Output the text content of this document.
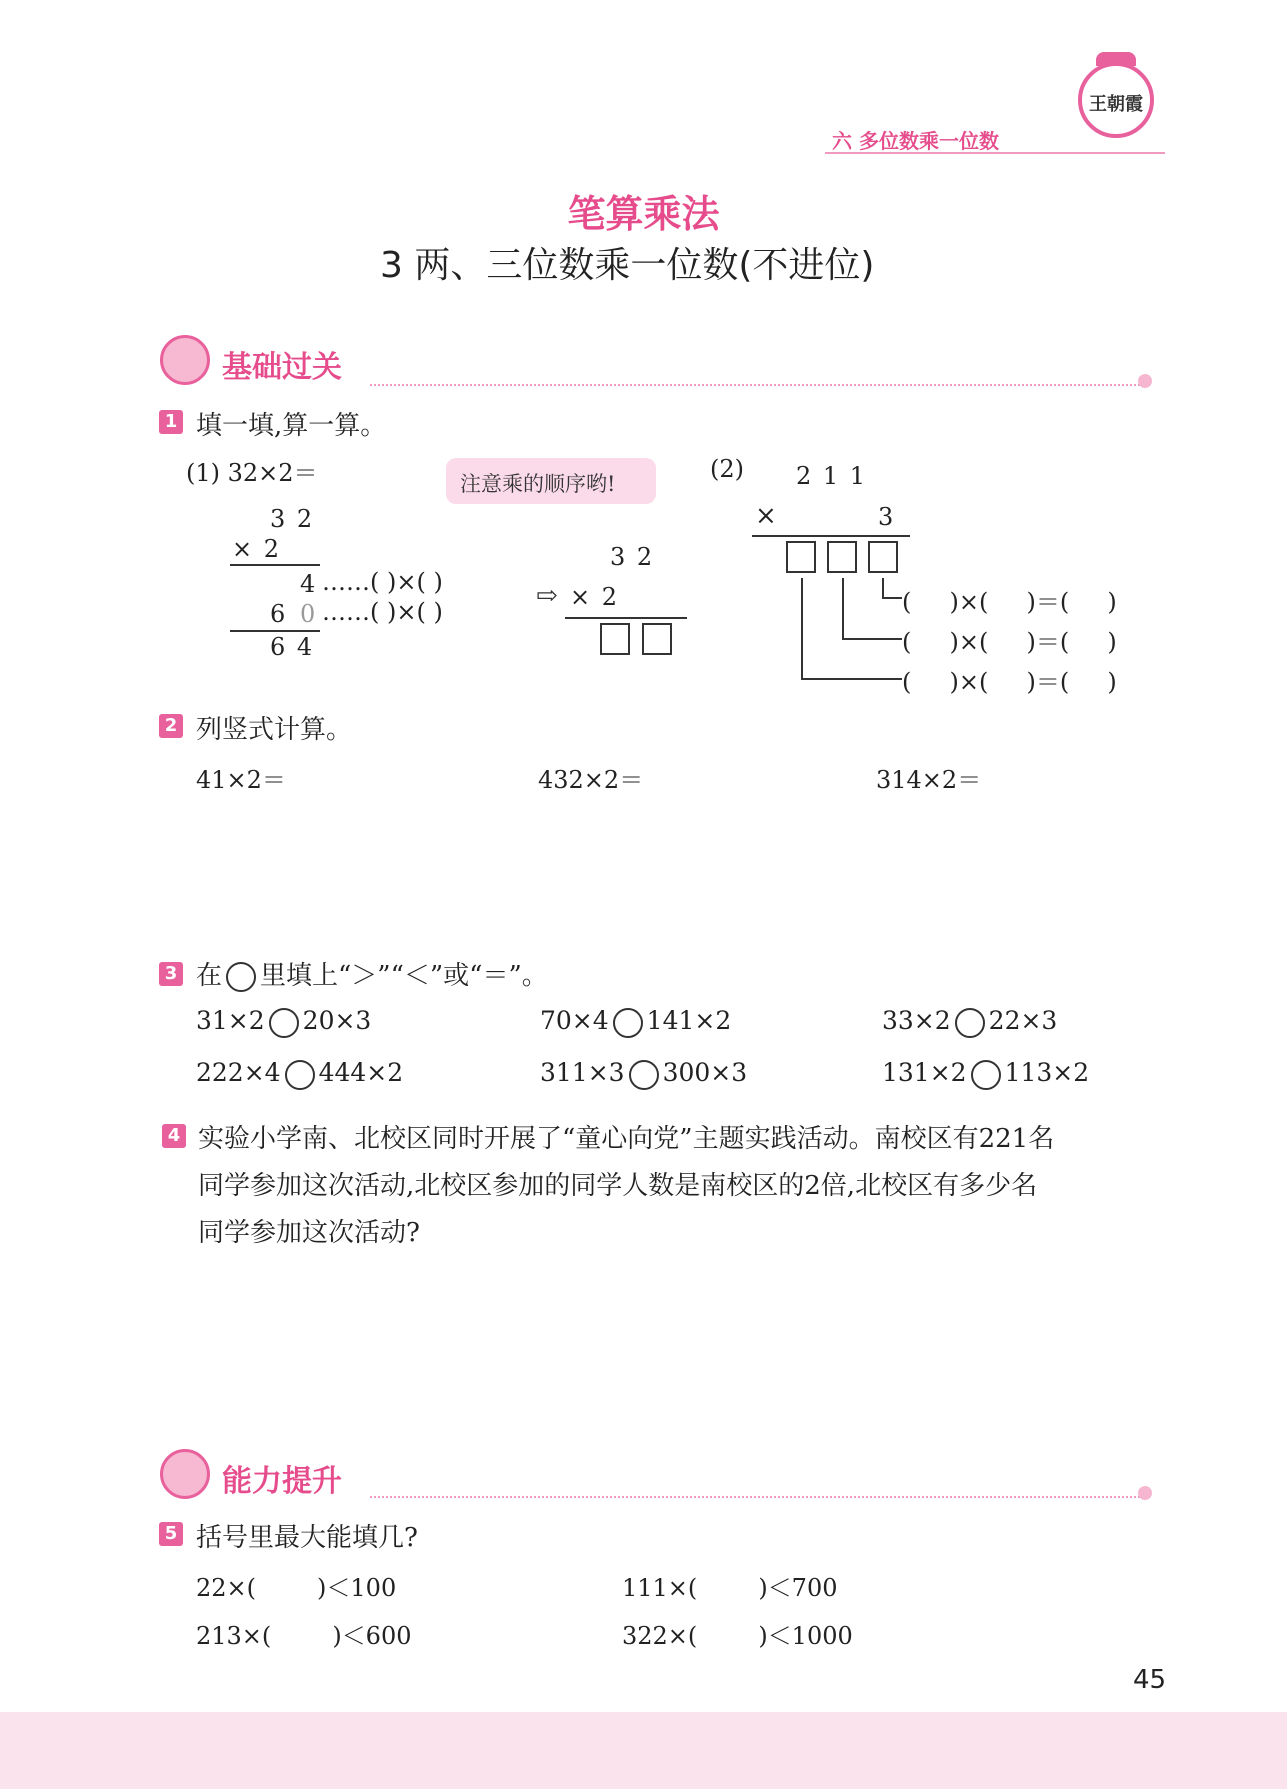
六 多位数乘一位数
王朝霞
笔算乘法
3 两、三位数乘一位数(不进位)
基础过关
1 填一填,算一算。
(1) 32×2＝	注意乘的顺序哟!
3 2
× 2
4 ……( )×( )
6 0 ……( )×( )
6 4
⇨
3 2
× 2
(2) 2 1 1
×	3
(     )×(     )＝(     )
(     )×(     )＝(     )
(     )×(     )＝(     )
2 列竖式计算。
41×2＝	432×2＝	314×2＝
3 在 里填上“＞”“＜”或“＝”。
31×2 20×3	70×4 141×2	33×2 22×3
222×4 444×2	311×3 300×3	131×2 113×2
4 实验小学南、北校区同时开展了“童心向党”主题实践活动。南校区有221名
同学参加这次活动,北校区参加的同学人数是南校区的2倍,北校区有多少名
同学参加这次活动?
能力提升
5 括号里最大能填几?
22×(        )＜100	111×(        )＜700
213×(        )＜600	322×(        )＜1000
45
